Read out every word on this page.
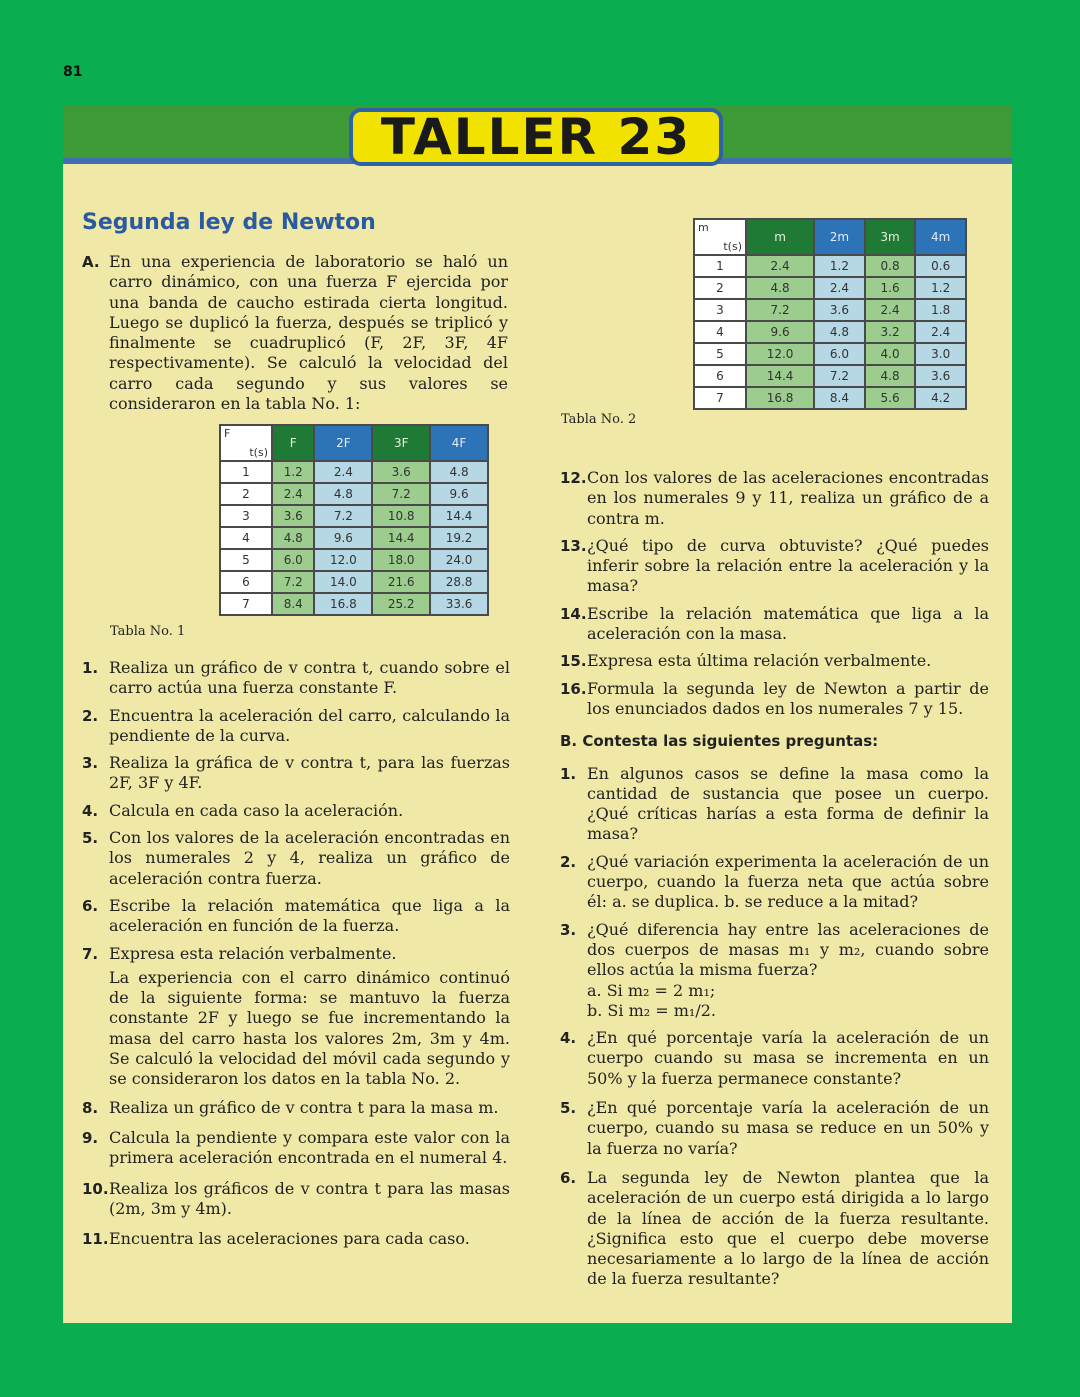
81
TALLER 23
Segunda ley de Newton
A. En una experiencia de laboratorio se haló un carro dinámico, con una fuerza F ejercida por una banda de caucho estirada cierta longitud. Luego se duplicó la fuerza, después se triplicó y finalmente se cuadruplicó (F, 2F, 3F, 4F respectivamente). Se calculó la velocidad del carro cada segundo y sus valores se consideraron en la tabla No. 1:

F
t(s)	F	2F	3F	4F
1	1.2	2.4	3.6	4.8
2	2.4	4.8	7.2	9.6
3	3.6	7.2	10.8	14.4
4	4.8	9.6	14.4	19.2
5	6.0	12.0	18.0	24.0
6	7.2	14.0	21.6	28.8
7	8.4	16.8	25.2	33.6
Tabla No. 1
m
t(s)	m	2m	3m	4m
1	2.4	1.2	0.8	0.6
2	4.8	2.4	1.6	1.2
3	7.2	3.6	2.4	1.8
4	9.6	4.8	3.2	2.4
5	12.0	6.0	4.0	3.0
6	14.4	7.2	4.8	3.6
7	16.8	8.4	5.6	4.2
Tabla No. 2
1. Realiza un gráfico de v contra t, cuando sobre el carro actúa una fuerza constante F.

2. Encuentra la aceleración del carro, calculando la pendiente de la curva.

3. Realiza la gráfica de v contra t, para las fuerzas 2F, 3F y 4F.

4. Calcula en cada caso la aceleración.

5. Con los valores de la aceleración encontradas en los numerales 2 y 4, realiza un gráfico de aceleración contra fuerza.

6. Escribe la relación matemática que liga a la aceleración en función de la fuerza.

7. Expresa esta relación verbalmente.

La experiencia con el carro dinámico continuó de la siguiente forma: se mantuvo la fuerza constante 2F y luego se fue incrementando la masa del carro hasta los valores 2m, 3m y 4m. Se calculó la velocidad del móvil cada segundo y se consideraron los datos en la tabla No. 2.

8. Realiza un gráfico de v contra t para la masa m.

9. Calcula la pendiente y compara este valor con la primera aceleración encontrada en el numeral 4.

10. Realiza los gráficos de v contra t para las masas (2m, 3m y 4m).

11. Encuentra las aceleraciones para cada caso.

12. Con los valores de las aceleraciones encontradas en los numerales 9 y 11, realiza un gráfico de a contra m.

13. ¿Qué tipo de curva obtuviste? ¿Qué puedes inferir sobre la relación entre la aceleración y la masa?

14. Escribe la relación matemática que liga a la aceleración con la masa.

15. Expresa esta última relación verbalmente.

16. Formula la segunda ley de Newton a partir de los enunciados dados en los numerales 7 y 15.

B. Contesta las siguientes preguntas:
1. En algunos casos se define la masa como la cantidad de sustancia que posee un cuerpo. ¿Qué críticas harías a esta forma de definir la masa?

2. ¿Qué variación experimenta la aceleración de un cuerpo, cuando la fuerza neta que actúa sobre él: a. se duplica. b. se reduce a la mitad?

3. ¿Qué diferencia hay entre las aceleraciones de dos cuerpos de masas m₁ y m₂, cuando sobre ellos actúa la misma fuerza?

a. Si m₂ = 2 m₁;

b. Si m₂ = m₁/2.

4. ¿En qué porcentaje varía la aceleración de un cuerpo cuando su masa se incrementa en un 50% y la fuerza permanece constante?

5. ¿En qué porcentaje varía la aceleración de un cuerpo, cuando su masa se reduce en un 50% y la fuerza no varía?

6. La segunda ley de Newton plantea que la aceleración de un cuerpo está dirigida a lo largo de la línea de acción de la fuerza resultante. ¿Significa esto que el cuerpo debe moverse necesariamente a lo largo de la línea de acción de la fuerza resultante?
